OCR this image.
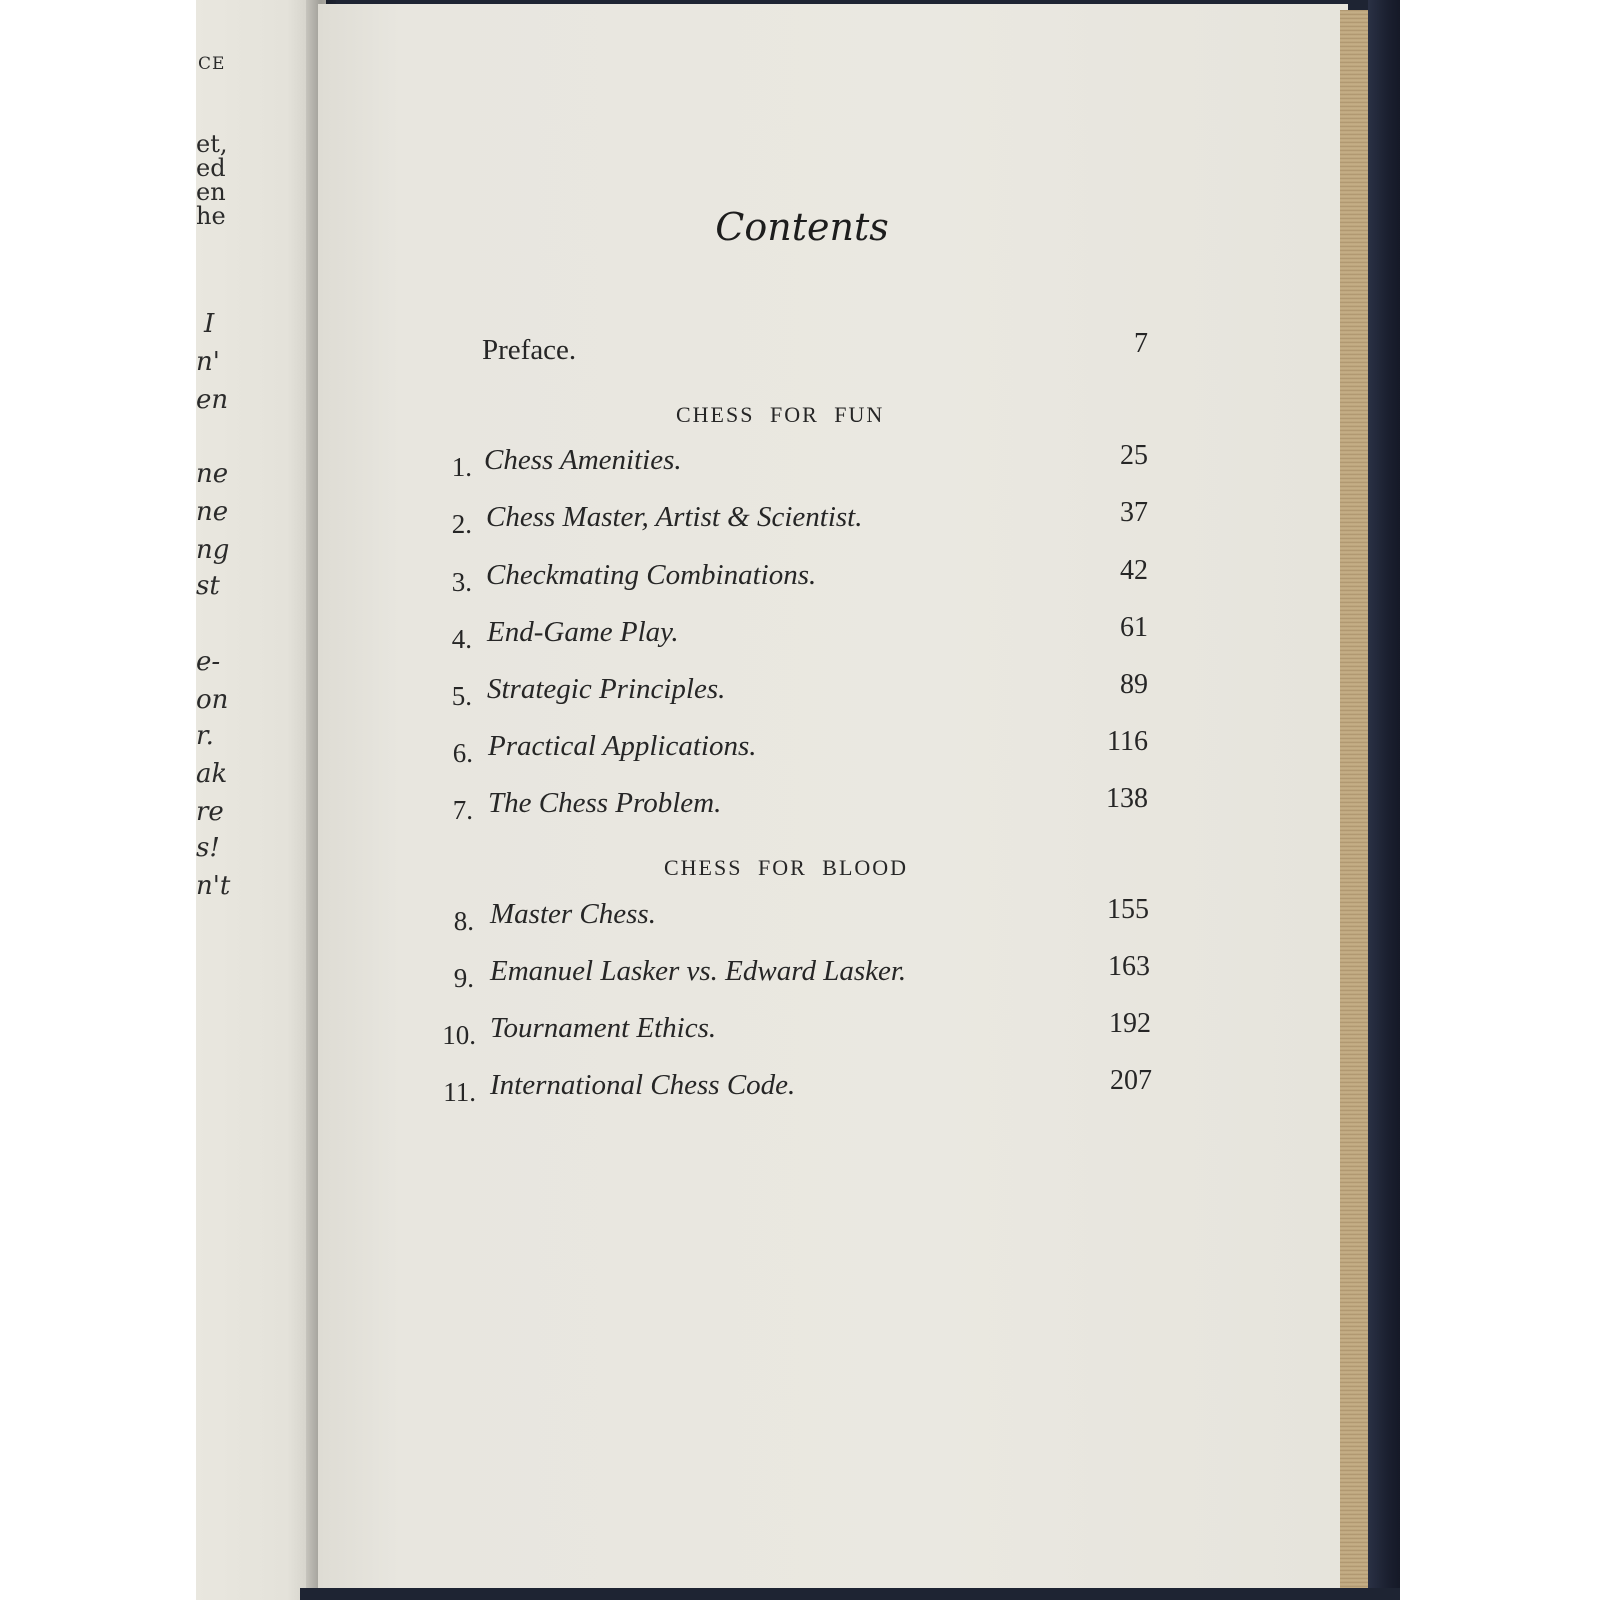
CE
et,
ed
en
he
I
n'
en
ne
ne
ng
st
e-
on
r.
ak
re
s!
n't
Contents
Preface.	7
CHESS FOR FUN
1. Chess Amenities.	25
2. Chess Master, Artist & Scientist.	37
3. Checkmating Combinations.	42
4. End-Game Play.	61
5. Strategic Principles.	89
6. Practical Applications.	116
7. The Chess Problem.	138
CHESS FOR BLOOD
8. Master Chess.	155
9. Emanuel Lasker vs. Edward Lasker.	163
10. Tournament Ethics.	192
11. International Chess Code.	207
